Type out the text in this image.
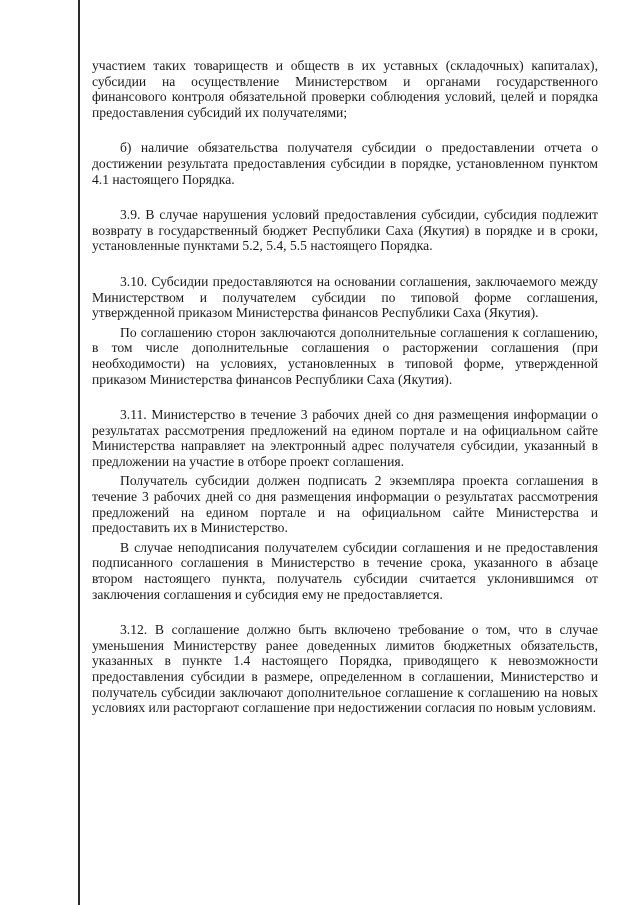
участием таких товариществ и обществ в их уставных (складочных) капиталах), субсидии на осуществление Министерством и органами государственного финансового контроля обязательной проверки соблюдения условий, целей и порядка предоставления субсидий их получателями;

б) наличие обязательства получателя субсидии о предоставлении отчета о достижении результата предоставления субсидии в порядке, установленном пунктом 4.1 настоящего Порядка.

3.9. В случае нарушения условий предоставления субсидии, субсидия подлежит возврату в государственный бюджет Республики Саха (Якутия) в порядке и в сроки, установленные пунктами 5.2, 5.4, 5.5 настоящего Порядка.

3.10. Субсидии предоставляются на основании соглашения, заключаемого между Министерством и получателем субсидии по типовой форме соглашения, утвержденной приказом Министерства финансов Республики Саха (Якутия).

По соглашению сторон заключаются дополнительные соглашения к соглашению, в том числе дополнительные соглашения о расторжении соглашения (при необходимости) на условиях, установленных в типовой форме, утвержденной приказом Министерства финансов Республики Саха (Якутия).

3.11. Министерство в течение 3 рабочих дней со дня размещения информации о результатах рассмотрения предложений на едином портале и на официальном сайте Министерства направляет на электронный адрес получателя субсидии, указанный в предложении на участие в отборе проект соглашения.

Получатель субсидии должен подписать 2 экземпляра проекта соглашения в течение 3 рабочих дней со дня размещения информации о результатах рассмотрения предложений на едином портале и на официальном сайте Министерства и предоставить их в Министерство.

В случае неподписания получателем субсидии соглашения и не предоставления подписанного соглашения в Министерство в течение срока, указанного в абзаце втором настоящего пункта, получатель субсидии считается уклонившимся от заключения соглашения и субсидия ему не предоставляется.

3.12. В соглашение должно быть включено требование о том, что в случае уменьшения Министерству ранее доведенных лимитов бюджетных обязательств, указанных в пункте 1.4 настоящего Порядка, приводящего к невозможности предоставления субсидии в размере, определенном в соглашении, Министерство и получатель субсидии заключают дополнительное соглашение к соглашению на новых условиях или расторгают соглашение при недостижении согласия по новым условиям.
